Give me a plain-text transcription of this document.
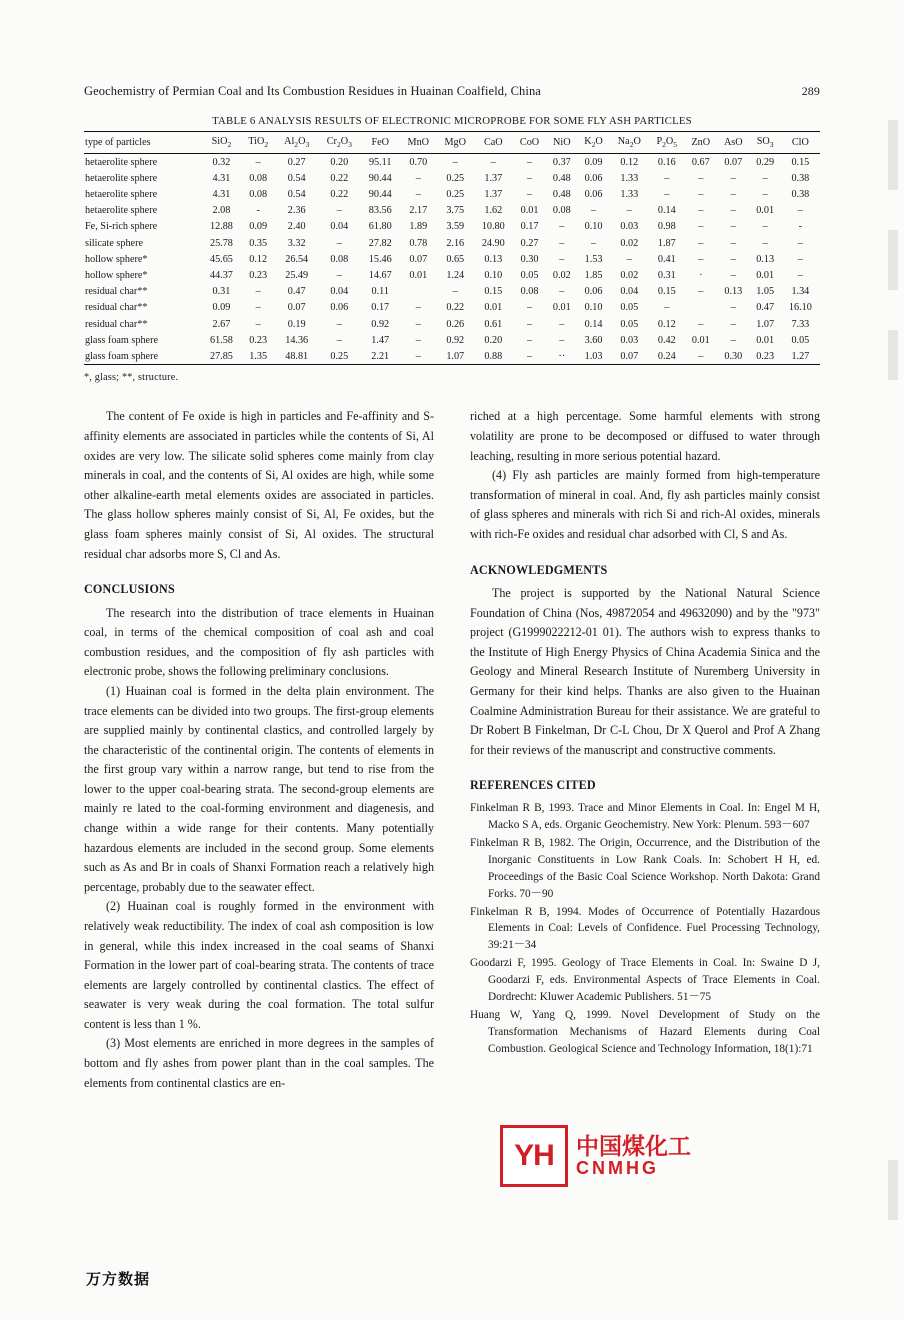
Geochemistry of Permian Coal and Its Combustion Residues in Huainan Coalfield, China	289
TABLE 6 ANALYSIS RESULTS OF ELECTRONIC MICROPROBE FOR SOME FLY ASH PARTICLES
type of particles	SiO$_2$	TiO$_2$	$Al_2O_3$	$Cr_2O_3$	FeO	MnO	MgO	CaO	CoO	NiO	$K_2O$	$Na_2O$	$P_2O_5$	ZnO	AsO	$SO_3$	ClO
hetaerolite sphere	0.32	–	0.27	0.20	95.11	0.70	–	–	–	0.37	0.09	0.12	0.16	0.67	0.07	0.29	0.15
hetaerolite sphere	4.31	0.08	0.54	0.22	90.44	–	0.25	1.37	–	0.48	0.06	1.33	–	–	–	–	0.38
hetaerolite sphere	4.31	0.08	0.54	0.22	90.44	–	0.25	1.37	–	0.48	0.06	1.33	–	–	–	–	0.38
hetaerolite sphere	2.08	-	2.36	–	83.56	2.17	3.75	1.62	0.01	0.08	–	–	0.14	–	–	0.01	–
Fe, Si-rich sphere	12.88	0.09	2.40	0.04	61.80	1.89	3.59	10.80	0.17	–	0.10	0.03	0.98	–	–	–	-
silicate sphere	25.78	0.35	3.32	–	27.82	0.78	2.16	24.90	0.27	–	–	0.02	1.87	–	–	–	–
hollow sphere*	45.65	0.12	26.54	0.08	15.46	0.07	0.65	0.13	0.30	–	1.53	–	0.41	–	–	0.13	–
hollow sphere*	44.37	0.23	25.49	–	14.67	0.01	1.24	0.10	0.05	0.02	1.85	0.02	0.31	·	–	0.01	–
residual char**	0.31	–	0.47	0.04	0.11		–	0.15	0.08	–	0.06	0.04	0.15	–	0.13	1.05	1.34
residual char**	0.09	–	0.07	0.06	0.17	–	0.22	0.01	–	0.01	0.10	0.05	–		–	0.47	16.10
residual char**	2.67	–	0.19	–	0.92	–	0.26	0.61	–	–	0.14	0.05	0.12	–	–	1.07	7.33
glass foam sphere	61.58	0.23	14.36	–	1.47	–	0.92	0.20	–	–	3.60	0.03	0.42	0.01	–	0.01	0.05
glass foam sphere	27.85	1.35	48.81	0.25	2.21	–	1.07	0.88	–	··	1.03	0.07	0.24	–	0.30	0.23	1.27
*, glass; **, structure.

The content of Fe oxide is high in particles and Fe-affinity and S-affinity elements are associated in particles while the contents of Si, Al oxides are very low. The silicate solid spheres come mainly from clay minerals in coal, and the contents of Si, Al oxides are high, while some other alkaline-earth metal elements oxides are associated in particles. The glass hollow spheres mainly consist of Si, Al, Fe oxides, but the glass foam spheres mainly consist of Si, Al oxides. The structural residual char adsorbs more S, Cl and As.

CONCLUSIONS

The research into the distribution of trace elements in Huainan coal, in terms of the chemical composition of coal ash and coal combustion residues, and the composition of fly ash particles with electronic probe, shows the following preliminary conclusions.

(1) Huainan coal is formed in the delta plain environment. The trace elements can be divided into two groups. The first-group elements are supplied mainly by continental clastics, and controlled largely by the characteristic of the continental origin. The contents of elements in the first group vary within a narrow range, but tend to rise from the lower to the upper coal-bearing strata. The second-group elements are mainly re lated to the coal-forming environment and diagenesis, and change within a wide range for their contents. Many potentially hazardous elements are included in the second group. Some elements such as As and Br in coals of Shanxi Formation reach a relatively high percentage, probably due to the seawater effect.

(2) Huainan coal is roughly formed in the environment with relatively weak reductibility. The index of coal ash composition is low in general, while this index increased in the coal seams of Shanxi Formation in the lower part of coal-bearing strata. The contents of trace elements are largely controlled by continental clastics. The effect of seawater is very weak during the coal formation. The total sulfur content is less than 1 %.

(3) Most elements are enriched in more degrees in the samples of bottom and fly ashes from power plant than in the coal samples. The elements from continental clastics are en-

riched at a high percentage. Some harmful elements with strong volatility are prone to be decomposed or diffused to water through leaching, resulting in more serious potential hazard.

(4) Fly ash particles are mainly formed from high-temperature transformation of mineral in coal. And, fly ash particles mainly consist of glass spheres and minerals with rich Si and rich-Al oxides, minerals with rich-Fe oxides and residual char adsorbed with Cl, S and As.

ACKNOWLEDGMENTS

The project is supported by the National Natural Science Foundation of China (Nos, 49872054 and 49632090) and by the "973" project (G1999022212-01 01). The authors wish to express thanks to the Institute of High Energy Physics of China Academia Sinica and the Geology and Mineral Research Institute of Nuremberg University in Germany for their kind helps. Thanks are also given to the Huainan Coalmine Administration Bureau for their assistance. We are grateful to Dr Robert B Finkelman, Dr C-L Chou, Dr X Querol and Prof A Zhang for their reviews of the manuscript and constructive comments.

REFERENCES CITED
Finkelman R B, 1993. Trace and Minor Elements in Coal. In: Engel M H, Macko S A, eds. Organic Geochemistry. New York: Plenum. 593－607
Finkelman R B, 1982. The Origin, Occurrence, and the Distribution of the Inorganic Constituents in Low Rank Coals. In: Schobert H H, ed. Proceedings of the Basic Coal Science Workshop. North Dakota: Grand Forks. 70－90
Finkelman R B, 1994. Modes of Occurrence of Potentially Hazardous Elements in Coal: Levels of Confidence. Fuel Processing Technology, 39:21－34
Goodarzi F, 1995. Geology of Trace Elements in Coal. In: Swaine D J, Goodarzi F, eds. Environmental Aspects of Trace Elements in Coal. Dordrecht: Kluwer Academic Publishers. 51－75
Huang W, Yang Q, 1999. Novel Development of Study on the Transformation Mechanisms of Hazard Elements during Coal Combustion. Geological Science and Technology Information, 18(1):71
YH 中国煤化工
CNMHG
万方数据
